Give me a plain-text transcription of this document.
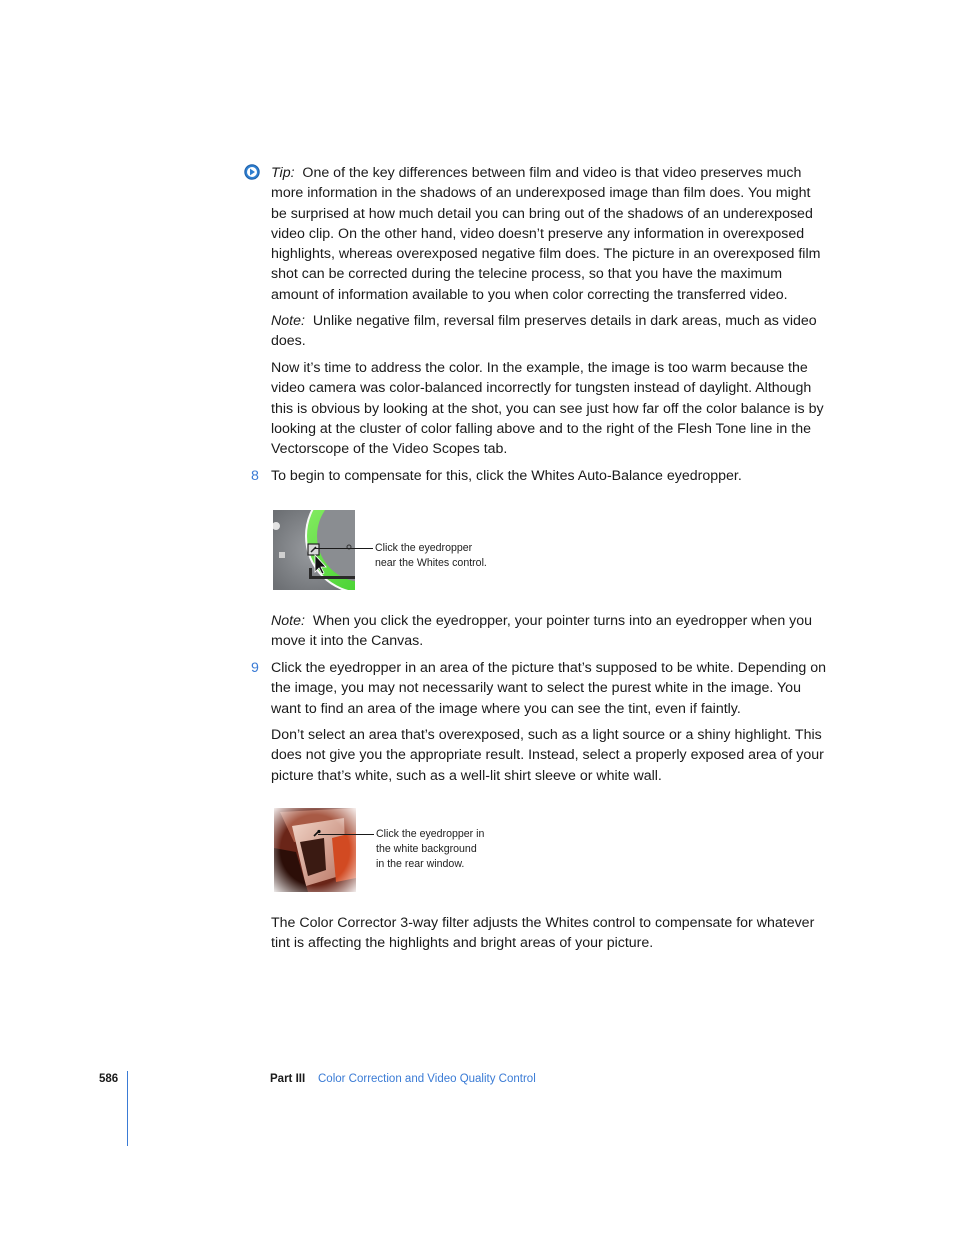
Tip: One of the key differences between film and video is that video preserves much more information in the shadows of an underexposed image than film does. You might be surprised at how much detail you can bring out of the shadows of an underexposed video clip. On the other hand, video doesn’t preserve any information in overexposed highlights, whereas overexposed negative film does. The picture in an overexposed film shot can be corrected during the telecine process, so that you have the maximum amount of information available to you when color correcting the transferred video.
Note: Unlike negative film, reversal film preserves details in dark areas, much as video does.
Now it’s time to address the color. In the example, the image is too warm because the video camera was color-balanced incorrectly for tungsten instead of daylight. Although this is obvious by looking at the shot, you can see just how far off the color balance is by looking at the cluster of color falling above and to the right of the Flesh Tone line in the Vectorscope of the Video Scopes tab.
8 To begin to compensate for this, click the Whites Auto-Balance eyedropper.
Click the eyedropper
near the Whites control.
Note: When you click the eyedropper, your pointer turns into an eyedropper when you move it into the Canvas.
9 Click the eyedropper in an area of the picture that’s supposed to be white. Depending on the image, you may not necessarily want to select the purest white in the image. You want to find an area of the image where you can see the tint, even if faintly.
Don’t select an area that’s overexposed, such as a light source or a shiny highlight. This does not give you the appropriate result. Instead, select a properly exposed area of your picture that’s white, such as a well-lit shirt sleeve or white wall.
Click the eyedropper in
the white background
in the rear window.
The Color Corrector 3-way filter adjusts the Whites control to compensate for whatever tint is affecting the highlights and bright areas of your picture.
586	Part III Color Correction and Video Quality Control
